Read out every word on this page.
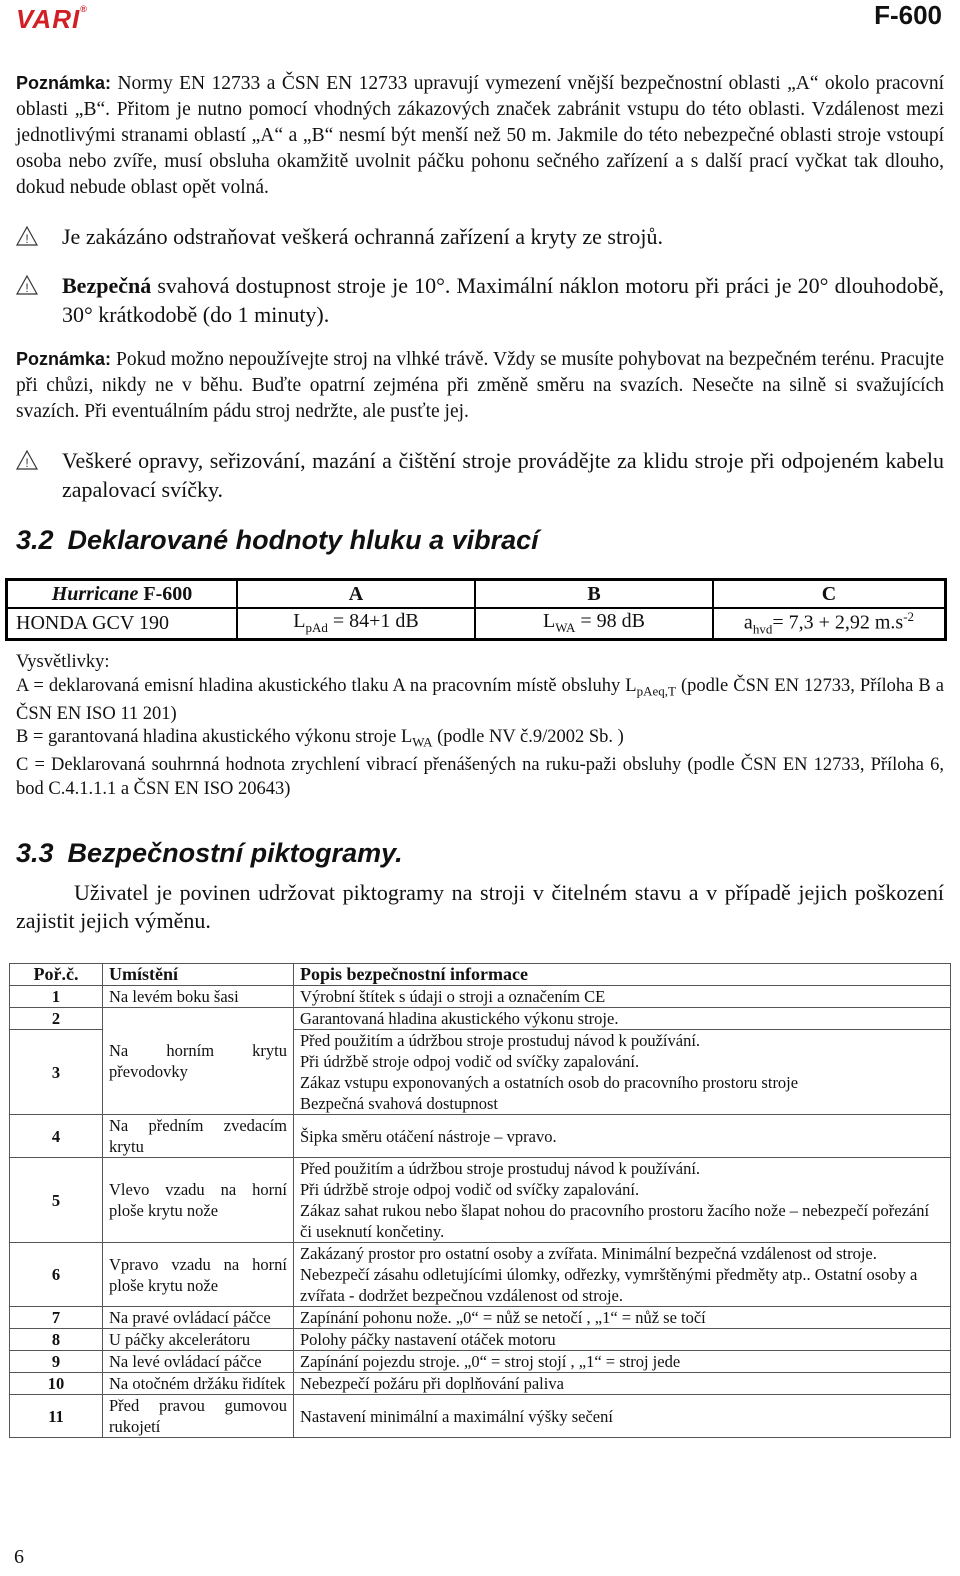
VARI®	F-600
Poznámka: Normy EN 12733 a ČSN EN 12733 upravují vymezení vnější bezpečnostní oblasti „A“ okolo pracovní oblasti „B“. Přitom je nutno pomocí vhodných zákazových značek zabránit vstupu do této oblasti. Vzdálenost mezi jednotlivými stranami oblastí „A“ a „B“ nesmí být menší než 50 m. Jakmile do této nebezpečné oblasti stroje vstoupí osoba nebo zvíře, musí obsluha okamžitě uvolnit páčku pohonu sečného zařízení a s další prací vyčkat tak dlouho, dokud nebude oblast opět volná.
! Je zakázáno odstraňovat veškerá ochranná zařízení a kryty ze strojů.
! Bezpečná svahová dostupnost stroje je 10°. Maximální náklon motoru při práci je 20° dlouhodobě, 30° krátkodobě (do 1 minuty).
Poznámka: Pokud možno nepoužívejte stroj na vlhké trávě. Vždy se musíte pohybovat na bezpečném terénu. Pracujte při chůzi, nikdy ne v běhu. Buďte opatrní zejména při změně směru na svazích. Nesečte na silně si svažujících svazích. Při eventuálním pádu stroj nedržte, ale pusťte jej.
! Veškeré opravy, seřizování, mazání a čištění stroje provádějte za klidu stroje při odpojeném kabelu zapalovací svíčky.
3.2 Deklarované hodnoty hluku a vibrací
Hurricane F-600	A	B	C
HONDA GCV 190	$L_{pAd} = 84+1$ dB	$L_{WA} = 98$ dB	$a_{hvd}= 7,3 + 2,92$ $m.s^{-2}$
Vysvětlivky:
A = deklarovaná emisní hladina akustického tlaku A na pracovním místě obsluhy $L_{pAeq,T}$ (podle ČSN EN 12733, Příloha B a ČSN EN ISO 11 201)
B = garantovaná hladina akustického výkonu stroje $L_{WA}$ (podle NV č.9/2002 Sb. )
C = Deklarovaná souhrnná hodnota zrychlení vibrací přenášených na ruku-paži obsluhy (podle ČSN EN 12733, Příloha 6, bod C.4.1.1.1 a ČSN EN ISO 20643)
3.3 Bezpečnostní piktogramy.
Uživatel je povinen udržovat piktogramy na stroji v čitelném stavu a v případě jejich poškození zajistit jejich výměnu.
Poř.č.	Umístění	Popis bezpečnostní informace
1	Na levém boku šasi	Výrobní štítek s údaji o stroji a označením CE
2	Na horním krytu převodovky	Garantovaná hladina akustického výkonu stroje.
3		Před použitím a údržbou stroje prostuduj návod k používání.
Při údržbě stroje odpoj vodič od svíčky zapalování.
Zákaz vstupu exponovaných a ostatních osob do pracovního prostoru stroje
Bezpečná svahová dostupnost

4	Na předním zvedacím krytu	Šipka směru otáčení nástroje – vpravo.
5	Vlevo vzadu na horní ploše krytu nože	Před použitím a údržbou stroje prostuduj návod k používání.
Při údržbě stroje odpoj vodič od svíčky zapalování.
Zákaz sahat rukou nebo šlapat nohou do pracovního prostoru žacího nože – nebezpečí pořezání či useknutí končetiny.

6	Vpravo vzadu na horní ploše krytu nože	Zakázaný prostor pro ostatní osoby a zvířata. Minimální bezpečná vzdálenost od stroje.
Nebezpečí zásahu odletujícími úlomky, odřezky, vymrštěnými předměty atp.. Ostatní osoby a zvířata - dodržet bezpečnou vzdálenost od stroje.

7	Na pravé ovládací páčce	Zapínání pohonu nože. „0“ = nůž se netočí , „1“ = nůž se točí
8	U páčky akcelerátoru	Polohy páčky nastavení otáček motoru
9	Na levé ovládací páčce	Zapínání pojezdu stroje. „0“ = stroj stojí , „1“ = stroj jede
10	Na otočném držáku řidítek	Nebezpečí požáru při doplňování paliva
11	Před pravou gumovou rukojetí	Nastavení minimální a maximální výšky sečení
6
